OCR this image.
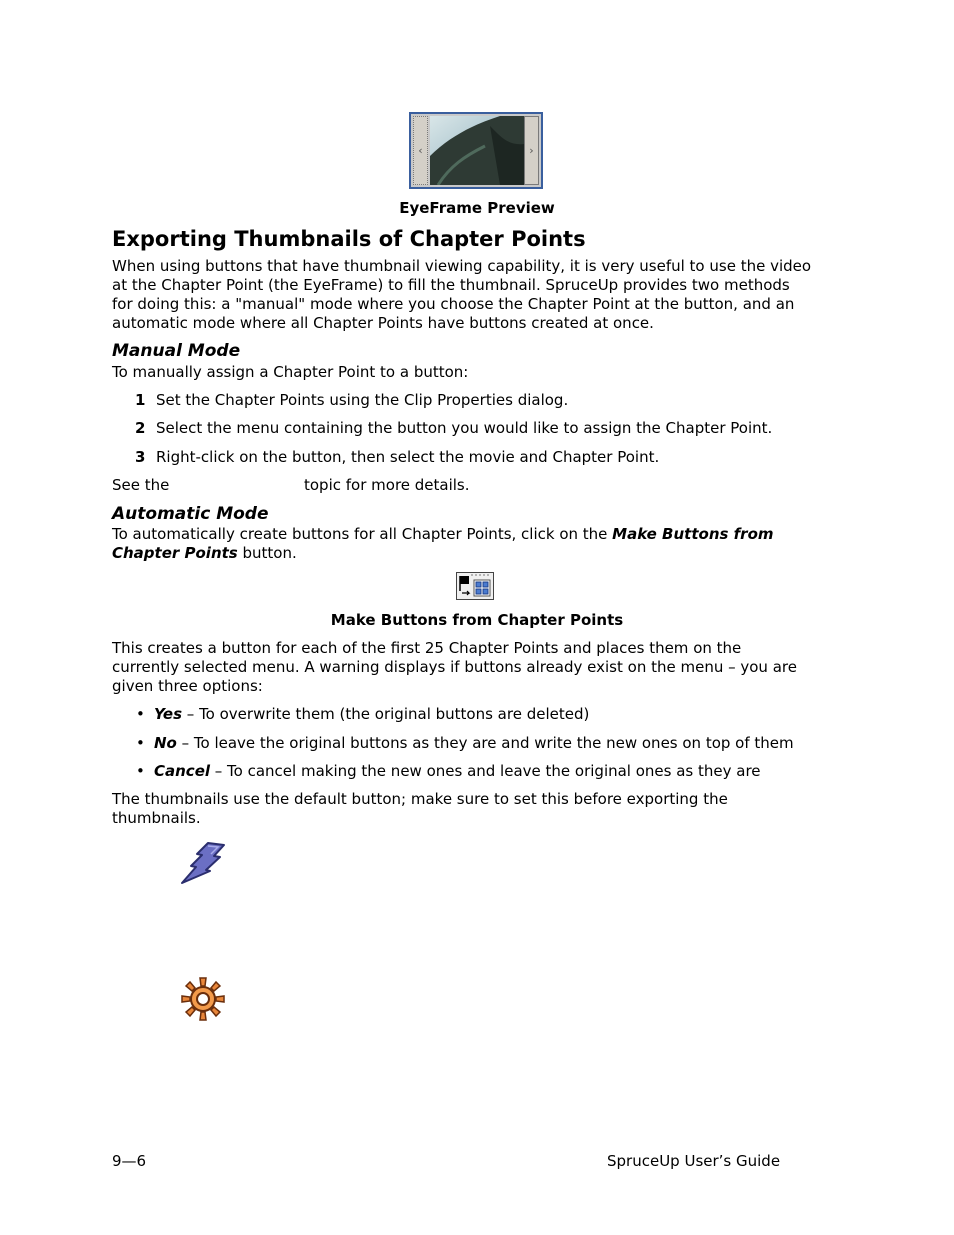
‹	›
EyeFrame Preview
Exporting Thumbnails of Chapter Points
When using buttons that have thumbnail viewing capability, it is very useful to use the video
at the Chapter Point (the EyeFrame) to fill the thumbnail. SpruceUp provides two methods
for doing this: a "manual" mode where you choose the Chapter Point at the button, and an
automatic mode where all Chapter Points have buttons created at once.
Manual Mode
To manually assign a Chapter Point to a button:
1 Set the Chapter Points using the Clip Properties dialog.
2 Select the menu containing the button you would like to assign the Chapter Point.
3 Right-click on the button, then select the movie and Chapter Point.
See the	topic for more details.
Automatic Mode
To automatically create buttons for all Chapter Points, click on the Make Buttons from
Chapter Points button.
Make Buttons from Chapter Points
This creates a button for each of the first 25 Chapter Points and places them on the
currently selected menu. A warning displays if buttons already exist on the menu – you are
given three options:
• Yes – To overwrite them (the original buttons are deleted)
• No – To leave the original buttons as they are and write the new ones on top of them
• Cancel – To cancel making the new ones and leave the original ones as they are
The thumbnails use the default button; make sure to set this before exporting the
thumbnails.
9—6	SpruceUp User’s Guide
